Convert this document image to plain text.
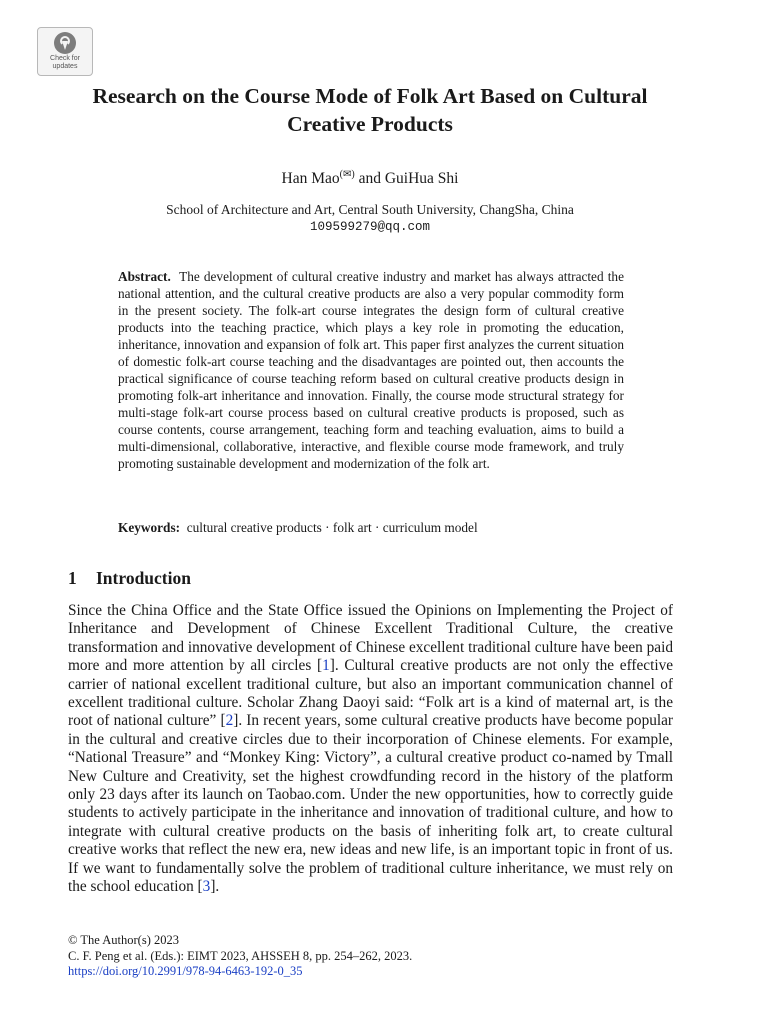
Check for
updates
Research on the Course Mode of Folk Art Based on Cultural Creative Products
Han Mao(✉) and GuiHua Shi
School of Architecture and Art, Central South University, ChangSha, China
109599279@qq.com

Abstract. The development of cultural creative industry and market has always attracted the national attention, and the cultural creative products are also a very popular commodity form in the present society. The folk-art course integrates the design form of cultural creative products into the teaching practice, which plays a key role in promoting the education, inheritance, innovation and expansion of folk art. This paper first analyzes the current situation of domestic folk-art course teaching and the disadvantages are pointed out, then accounts the practical significance of course teaching reform based on cultural creative products design in promoting folk-art inheritance and innovation. Finally, the course mode structural strategy for multi-stage folk-art course process based on cultural creative products is proposed, such as course contents, course arrangement, teaching form and teaching evaluation, aims to build a multi-dimensional, collaborative, interactive, and flexible course mode framework, and truly promoting sustainable development and modernization of the folk art.

Keywords: cultural creative products · folk art · curriculum model

1 Introduction

Since the China Office and the State Office issued the Opinions on Implementing the Project of Inheritance and Development of Chinese Excellent Traditional Culture, the creative transformation and innovative development of Chinese excellent traditional culture have been paid more and more attention by all circles [1]. Cultural creative products are not only the effective carrier of national excellent traditional culture, but also an important communication channel of excellent traditional culture. Scholar Zhang Daoyi said: “Folk art is a kind of maternal art, is the root of national culture” [2]. In recent years, some cultural creative products have become popular in the cultural and creative circles due to their incorporation of Chinese elements. For example, “National Treasure” and “Monkey King: Victory”, a cultural creative product co-named by Tmall New Culture and Creativity, set the highest crowdfunding record in the history of the platform only 23 days after its launch on Taobao.com. Under the new opportunities, how to correctly guide students to actively participate in the inheritance and innovation of traditional culture, and how to integrate with cultural creative products on the basis of inheriting folk art, to create cultural creative works that reflect the new era, new ideas and new life, is an important topic in front of us. If we want to fundamentally solve the problem of traditional culture inheritance, we must rely on the school education [3].

© The Author(s) 2023
C. F. Peng et al. (Eds.): EIMT 2023, AHSSEH 8, pp. 254–262, 2023.
https://doi.org/10.2991/978-94-6463-192-0_35
